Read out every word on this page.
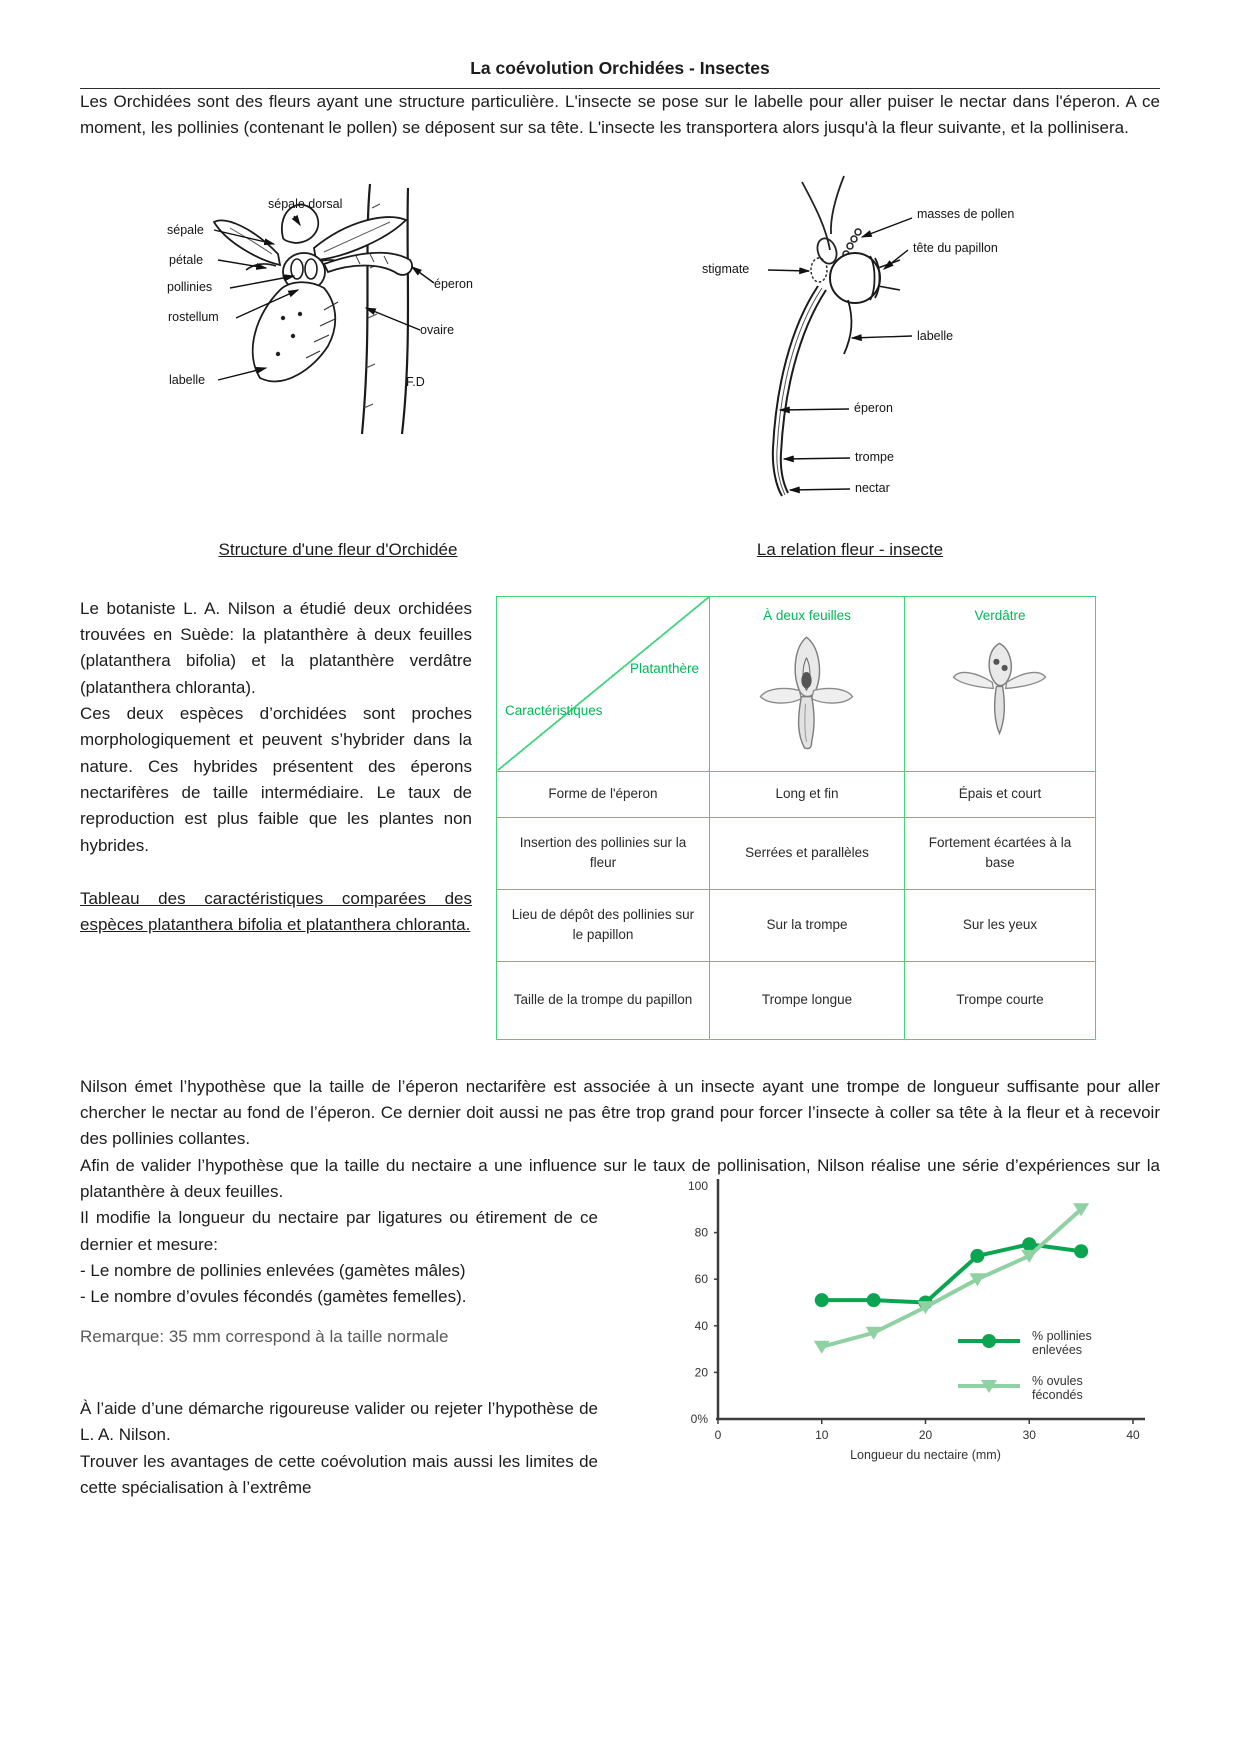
La coévolution Orchidées - Insectes

Les Orchidées sont des fleurs ayant une structure particulière. L'insecte se pose sur le labelle pour aller puiser le nectar dans l'éperon. A ce moment, les pollinies (contenant le pollen) se déposent sur sa tête. L'insecte les transportera alors jusqu'à la fleur suivante, et la pollinisera.

sépale dorsal
sépale
pétale
pollinies
rostellum
labelle
éperon
ovaire
F.D
Structure d'une fleur d'Orchidée
masses de pollen
tête du papillon
stigmate
labelle
éperon
trompe
nectar
La relation fleur - insecte

Le botaniste L. A. Nilson a étudié deux orchidées trouvées en Suède: la platanthère à deux feuilles (platanthera bifolia) et la platanthère verdâtre (platanthera chloranta).

Ces deux espèces d’orchidées sont proches morphologiquement et peuvent s’hybrider dans la nature. Ces hybrides présentent des éperons nectarifères de taille intermédiaire. Le taux de reproduction est plus faible que les plantes non hybrides.

Tableau des caractéristiques comparées des espèces platanthera bifolia et platanthera chloranta.

Platanthère
Caractéristiques	À deux feuilles	Verdâtre

Forme de l'éperon	Long et fin	Épais et court
Insertion des pollinies sur la fleur	Serrées et parallèles	Fortement écartées à la base
Lieu de dépôt des pollinies sur le papillon	Sur la trompe	Sur les yeux
Taille de la trompe du papillon	Trompe longue	Trompe courte

Nilson émet l’hypothèse que la taille de l’éperon nectarifère est associée à un insecte ayant une trompe de longueur suffisante pour aller chercher le nectar au fond de l’éperon. Ce dernier doit aussi ne pas être trop grand pour forcer l’insecte à coller sa tête à la fleur et à recevoir des pollinies collantes.

Afin de valider l’hypothèse que la taille du nectaire a une influence sur le taux de pollinisation, Nilson réalise une série d’expériences sur la platanthère à deux feuilles.

Il modifie la longueur du nectaire par ligatures ou étirement de ce dernier et mesure:

- Le nombre de pollinies enlevées (gamètes mâles)
- Le nombre d’ovules fécondés (gamètes femelles).

Remarque: 35 mm correspond à la taille normale

À l’aide d’une démarche rigoureuse valider ou rejeter l’hypothèse de L. A. Nilson.

Trouver les avantages de cette coévolution mais aussi les limites de cette spécialisation à l’extrême

100
80
60
40
20
0%
0	10	20	30	40
Longueur du nectaire (mm)
% pollinies enlevées
% ovules fécondés
